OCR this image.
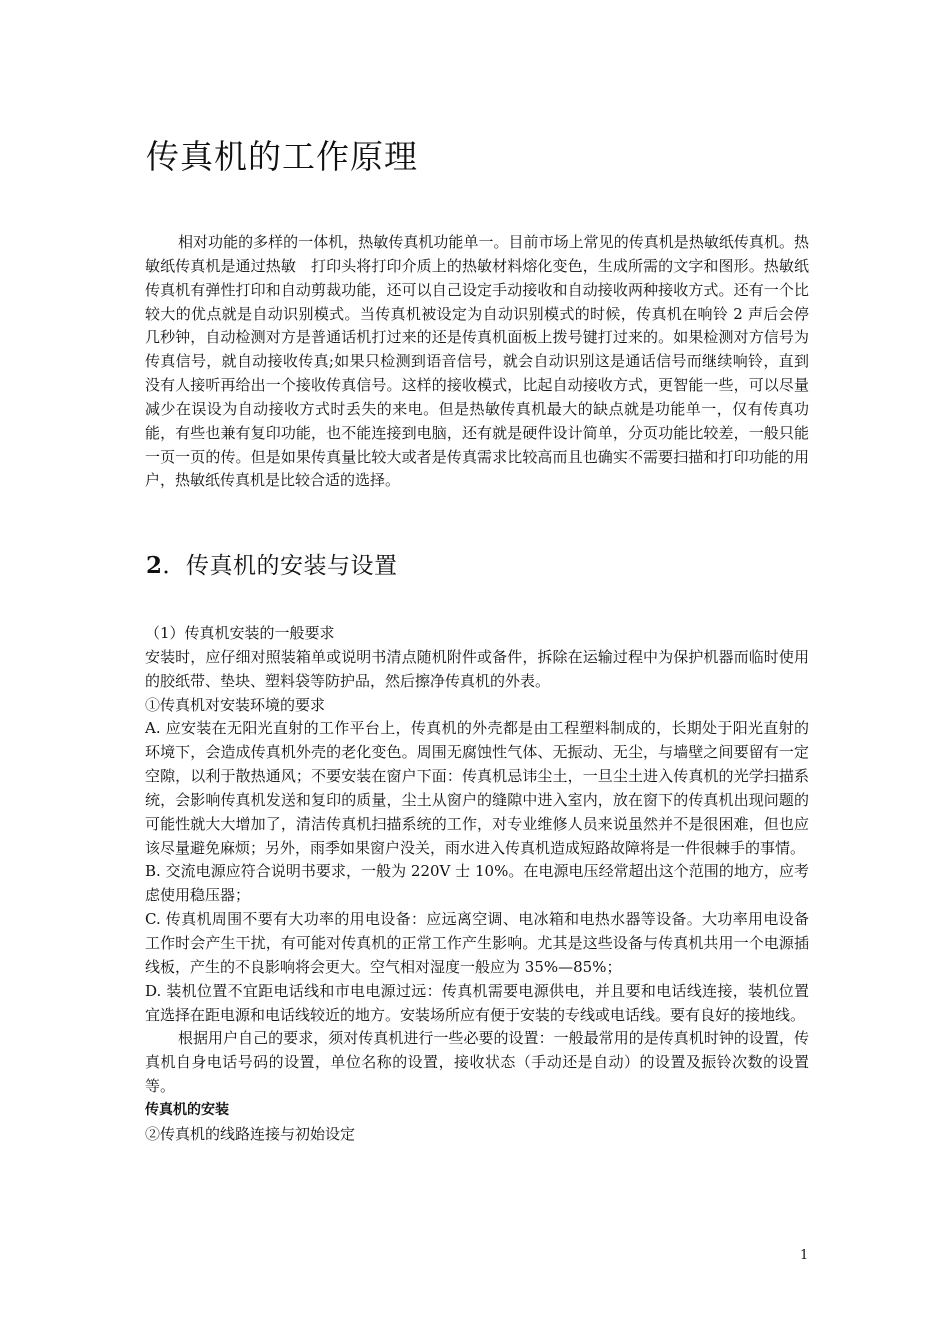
传真机的工作原理

相对功能的多样的一体机，热敏传真机功能单一。目前市场上常见的传真机是热敏纸传真机。热敏纸传真机是通过热敏　打印头将打印介质上的热敏材料熔化变色，生成所需的文字和图形。热敏纸传真机有弹性打印和自动剪裁功能，还可以自己设定手动接收和自动接收两种接收方式。还有一个比较大的优点就是自动识别模式。当传真机被设定为自动识别模式的时候，传真机在响铃 2 声后会停几秒钟，自动检测对方是普通话机打过来的还是传真机面板上拨号键打过来的。如果检测对方信号为传真信号，就自动接收传真;如果只检测到语音信号，就会自动识别这是通话信号而继续响铃，直到没有人接听再给出一个接收传真信号。这样的接收模式，比起自动接收方式，更智能一些，可以尽量减少在误设为自动接收方式时丢失的来电。但是热敏传真机最大的缺点就是功能单一，仅有传真功能，有些也兼有复印功能，也不能连接到电脑，还有就是硬件设计简单，分页功能比较差，一般只能一页一页的传。但是如果传真量比较大或者是传真需求比较高而且也确实不需要扫描和打印功能的用户，热敏纸传真机是比较合适的选择。

2．传真机的安装与设置

（1）传真机安装的一般要求

安装时，应仔细对照装箱单或说明书清点随机附件或备件，拆除在运输过程中为保护机器而临时使用的胶纸带、垫块、塑料袋等防护品，然后擦净传真机的外表。

①传真机对安装环境的要求

A. 应安装在无阳光直射的工作平台上，传真机的外壳都是由工程塑料制成的，长期处于阳光直射的环境下，会造成传真机外壳的老化变色。周围无腐蚀性气体、无振动、无尘，与墙壁之间要留有一定空隙，以利于散热通风；不要安装在窗户下面：传真机忌讳尘土，一旦尘土进入传真机的光学扫描系统，会影响传真机发送和复印的质量，尘土从窗户的缝隙中进入室内，放在窗下的传真机出现问题的可能性就大大增加了，清洁传真机扫描系统的工作，对专业维修人员来说虽然并不是很困难，但也应该尽量避免麻烦；另外，雨季如果窗户没关，雨水进入传真机造成短路故障将是一件很棘手的事情。

B. 交流电源应符合说明书要求，一般为 220V 士 10%。在电源电压经常超出这个范围的地方，应考虑使用稳压器；

C. 传真机周围不要有大功率的用电设备：应远离空调、电冰箱和电热水器等设备。大功率用电设备工作时会产生干扰，有可能对传真机的正常工作产生影响。尤其是这些设备与传真机共用一个电源插线板，产生的不良影响将会更大。空气相对湿度一般应为 35%—85%；

D. 装机位置不宜距电话线和市电电源过远：传真机需要电源供电，并且要和电话线连接，装机位置宜选择在距电源和电话线较近的地方。安装场所应有便于安装的专线或电话线。要有良好的接地线。

根据用户自己的要求，须对传真机进行一些必要的设置：一般最常用的是传真机时钟的设置，传真机自身电话号码的设置，单位名称的设置，接收状态（手动还是自动）的设置及振铃次数的设置等。

传真机的安装

②传真机的线路连接与初始设定

1
